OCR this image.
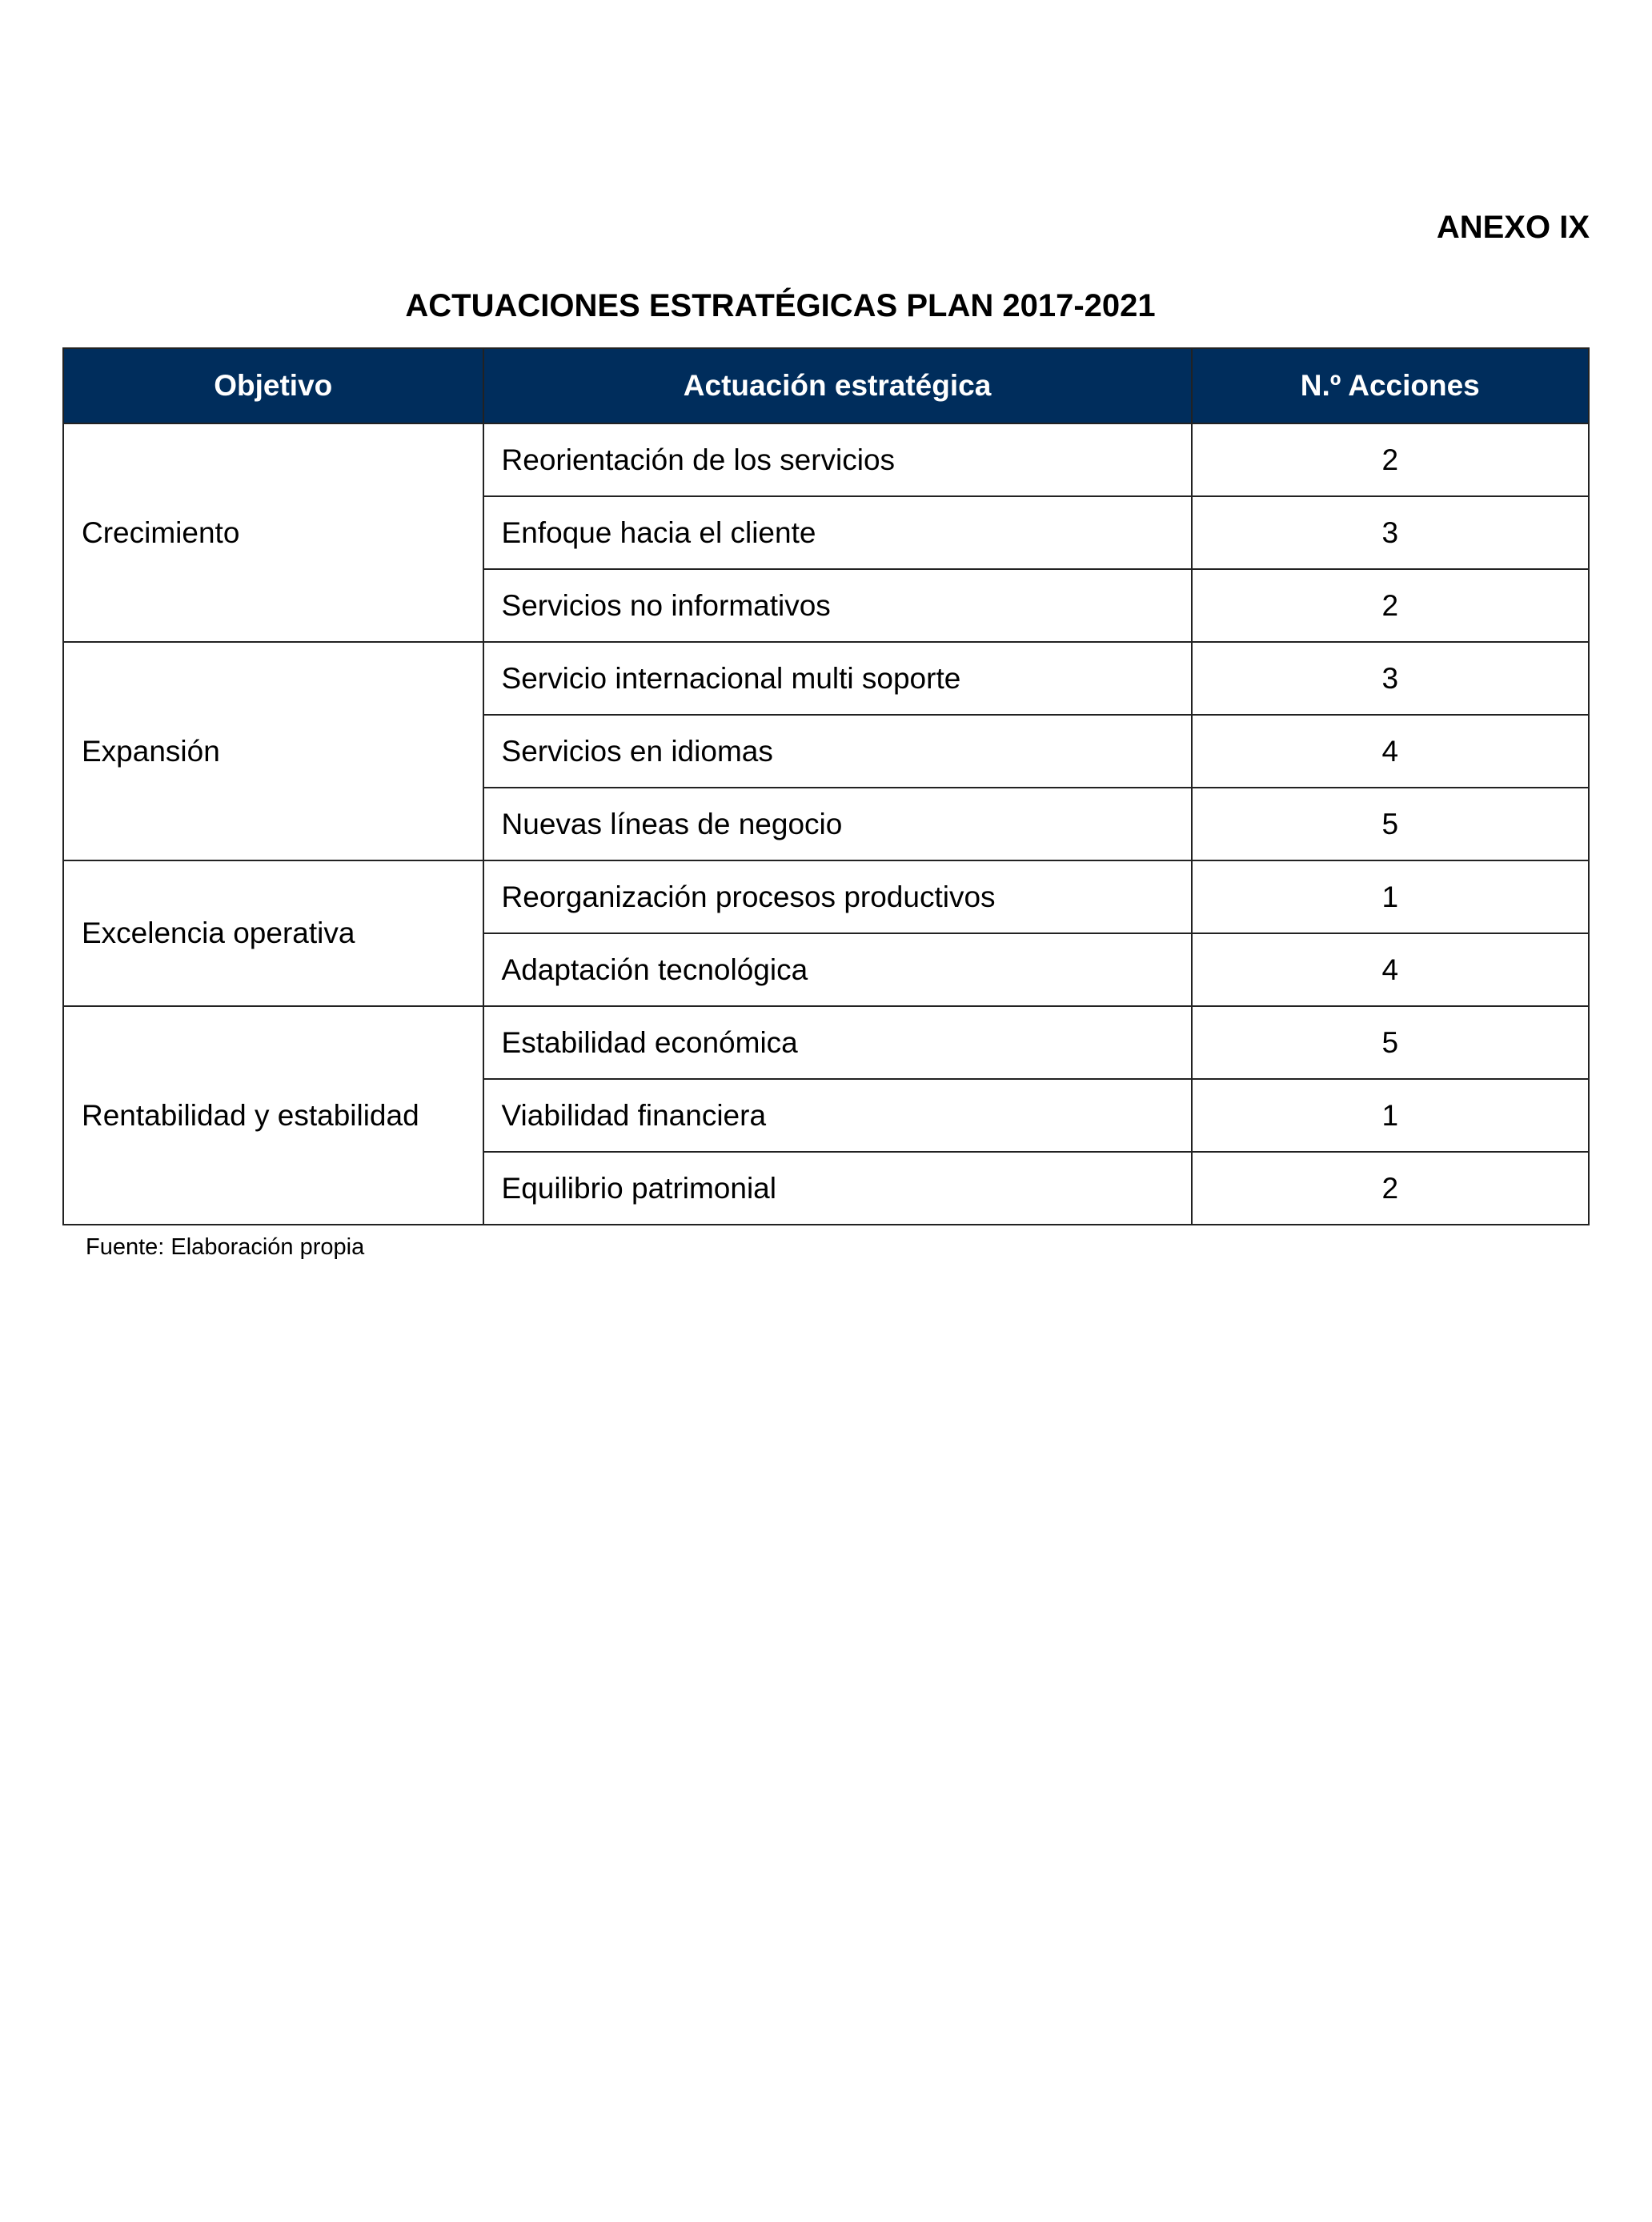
ANEXO IX
ACTUACIONES ESTRATÉGICAS PLAN 2017-2021
Objetivo	Actuación estratégica	N.º Acciones
Crecimiento	Reorientación de los servicios	2
	Enfoque hacia el cliente	3
	Servicios no informativos	2
Expansión	Servicio internacional multi soporte	3
	Servicios en idiomas	4
	Nuevas líneas de negocio	5
Excelencia operativa	Reorganización procesos productivos	1
	Adaptación tecnológica	4
Rentabilidad y estabilidad	Estabilidad económica	5
	Viabilidad financiera	1
	Equilibrio patrimonial	2
Fuente: Elaboración propia
